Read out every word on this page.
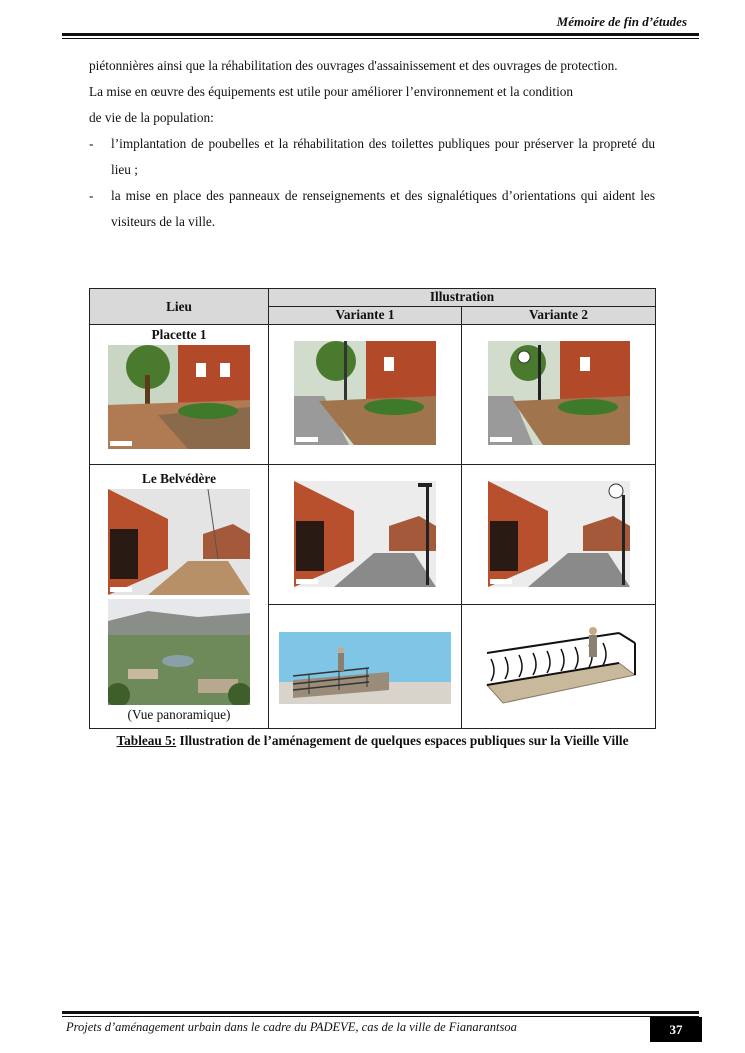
Mémoire de fin d’études

piétonnières ainsi que la réhabilitation des ouvrages d'assainissement et des ouvrages de protection.

La mise en œuvre des équipements est utile pour améliorer l’environnement et la condition

de vie de la population:

-	l’implantation de poubelles et la réhabilitation des toilettes publiques pour préserver la propreté du lieu ;
-	la mise en place des panneaux de renseignements et des signalétiques d’orientations qui aident les visiteurs de la ville.
Lieu	Illustration	
	Variante 1	Variante 2

Placette 1

Le Belvédère
(Vue panoramique)

Tableau 5: Illustration de l’aménagement de quelques espaces publiques sur la Vieille Ville
Projets d’aménagement urbain dans le cadre du PADEVE, cas de la ville de Fianarantsoa	37
